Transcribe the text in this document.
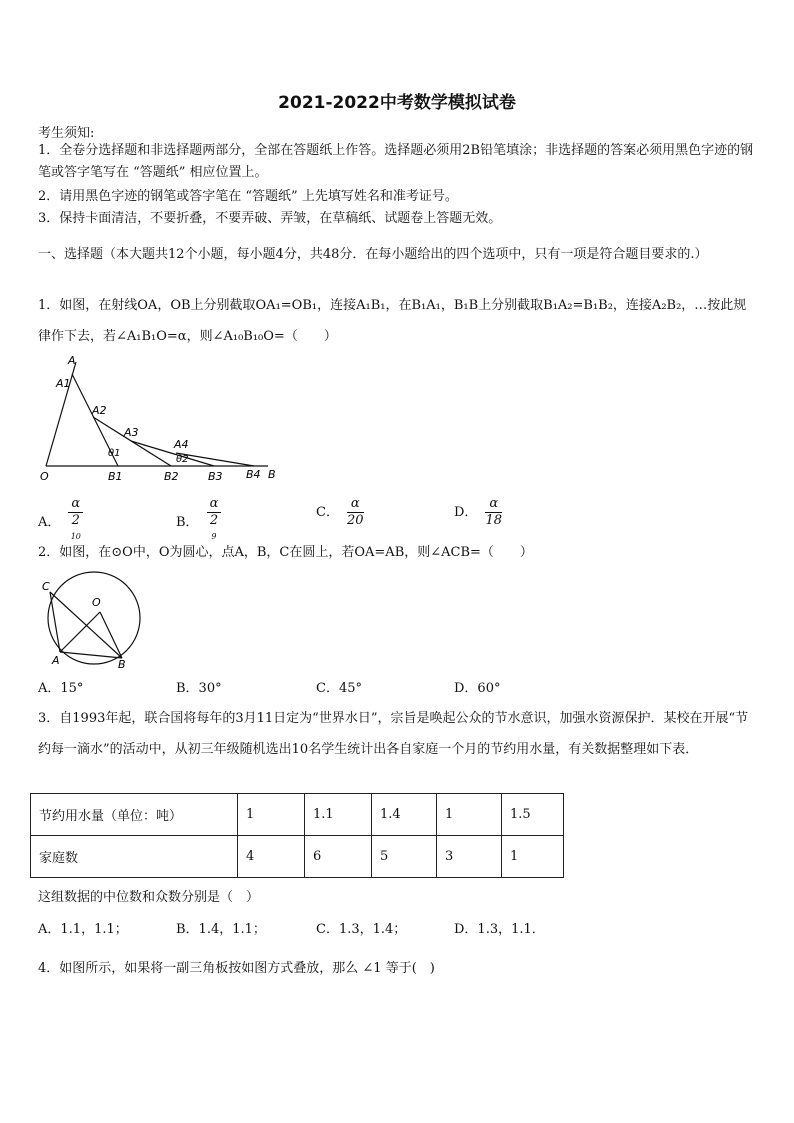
2021-2022中考数学模拟试卷
考生须知:
1．全卷分选择题和非选择题两部分，全部在答题纸上作答。选择题必须用2B铅笔填涂；非选择题的答案必须用黑色字迹的钢笔或答字笔写在 “答题纸” 相应位置上。
2．请用黑色字迹的钢笔或答字笔在 “答题纸” 上先填写姓名和准考证号。
3．保持卡面清洁，不要折叠，不要弄破、弄皱，在草稿纸、试题卷上答题无效。
一、选择题（本大题共12个小题，每小题4分，共48分．在每小题给出的四个选项中，只有一项是符合题目要求的.）
1．如图，在射线OA，OB上分别截取OA₁=OB₁，连接A₁B₁，在B₁A₁，B₁B上分别截取B₁A₂=B₁B₂，连接A₂B₂，…按此规律作下去，若∠A₁B₁O=α，则∠A₁₀B₁₀O=（　　）
A
A1
A2
A3
A4
θ1
θ2
O	B1	B2	B3 B4 B
A． α
2
$^{10}$	B． α
2
$^9$	C． $\frac{\alpha}{20}$	D． $\frac{\alpha}{18}$
2．如图，在⊙O中，O为圆心，点A，B，C在圆上，若OA=AB，则∠ACB=（　　）
C
O
A	B
A．15°	B．30°	C．45°	D．60°
3．自1993年起，联合国将每年的3月11日定为“世界水日”，宗旨是唤起公众的节水意识，加强水资源保护．某校在开展“节约每一滴水”的活动中，从初三年级随机选出10名学生统计出各自家庭一个月的节约用水量，有关数据整理如下表．
节约用水量（单位：吨）	1	1.1	1.4	1	1.5
家庭数	4	6	5	3	1
这组数据的中位数和众数分别是（　）
A．1.1，1.1；	B．1.4，1.1；	C．1.3，1.4；	D．1.3，1.1．
4．如图所示，如果将一副三角板按如图方式叠放，那么 ∠1 等于(　)
